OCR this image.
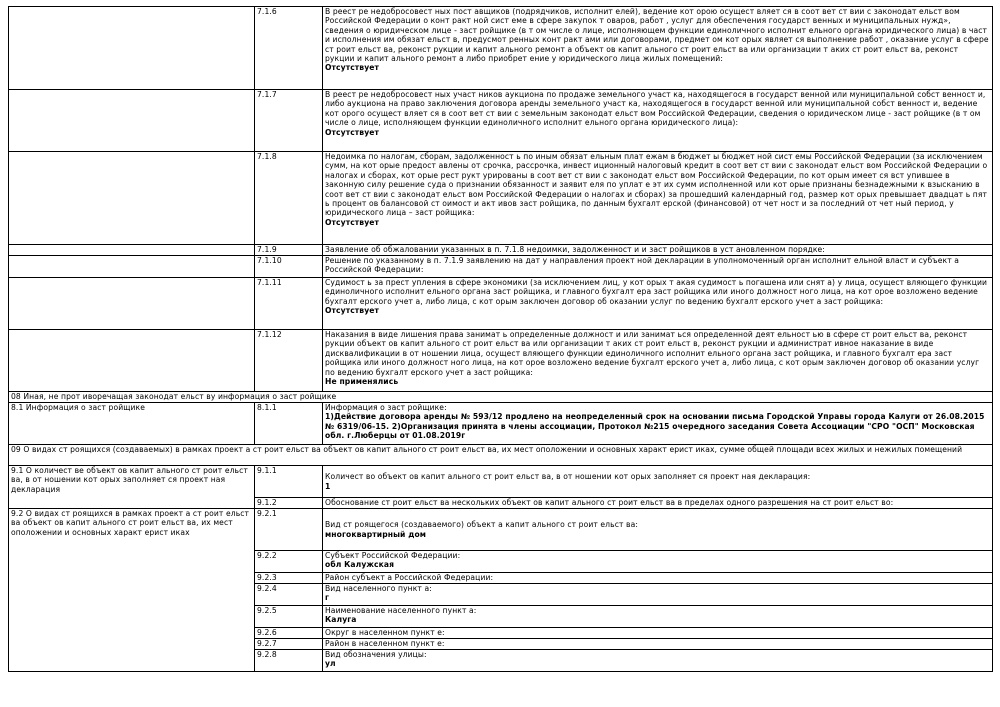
	7.1.6	В реест ре недобросовест ных пост авщиков (подрядчиков, исполнит елей), ведение кот орою осущест вляет ся в соот вет ст вии с законодат ельст вом Российской Федерации о конт ракт ной сист еме в сфере закупок т оваров, работ , услуг для обеспечения государст венных и муниципальных нужд», сведения о юридическом лице - заст ройщике (в т ом числе о лице, исполняющем функции единоличного исполнит ельного органа юридического лица) в част и исполнения им обязат ельст в, предусмот ренных конт ракт ами или договорами, предмет ом кот орых являет ся выполнение работ , оказание услуг в сфере ст роит ельст ва, реконст рукции и капит ального ремонт а объект ов капит ального ст роит ельст ва или организации т аких ст роит ельст ва, реконст рукции и капит ального ремонт а либо приобрет ение у юридического лица жилых помещений:
Отсутствует

	7.1.7	В реест ре недобросовест ных участ ников аукциона по продаже земельного участ ка, находящегося в государст венной или муниципальной собст венност и, либо аукциона на право заключения договора аренды земельного участ ка, находящегося в государст венной или муниципальной собст венност и, ведение кот орого осущест вляет ся в соот вет ст вии с земельным законодат ельст вом Российской Федерации, сведения о юридическом лице - заст ройщике (в т ом числе о лице, исполняющем функции единоличного исполнит ельного органа юридического лица):
Отсутствует

	7.1.8	Недоимка по налогам, сборам, задолженност ь по иным обязат ельным плат ежам в бюджет ы бюджет ной сист емы Российской Федерации (за исключением сумм, на кот орые предост авлены от срочка, рассрочка, инвест иционный налоговый кредит в соот вет ст вии с законодат ельст вом Российской Федерации о налогах и сборах, кот орые рест рукт урированы в соот вет ст вии с законодат ельст вом Российской Федерации, по кот орым имеет ся вст упившее в законную силу решение суда о признании обязанност и заявит еля по уплат е эт их сумм исполненной или кот орые признаны безнадежными к взысканию в соот вет ст вии с законодат ельст вом Российской Федерации о налогах и сборах) за прошедший календарный год, размер кот орых превышает двадцат ь пят ь процент ов балансовой ст оимост и акт ивов заст ройщика, по данным бухгалт ерской (финансовой) от чет ност и за последний от чет ный период, у юридического лица – заст ройщика:
Отсутствует

	7.1.9	Заявление об обжаловании указанных в п. 7.1.8 недоимки, задолженност и и заст ройщиков в уст ановленном порядке:

	7.1.10	Решение по указанному в п. 7.1.9 заявлению на дат у направления проект ной декларации в уполномоченный орган исполнит ельной власт и субъект а Российской Федерации:

	7.1.11	Судимост ь за прест упления в сфере экономики (за исключением лиц, у кот орых т акая судимост ь погашена или снят а) у лица, осущест вляющего функции единоличного исполнит ельного органа заст ройщика, и главного бухгалт ера заст ройщика или иного должност ного лица, на кот орое возложено ведение бухгалт ерского учет а, либо лица, с кот орым заключен договор об оказании услуг по ведению бухгалт ерского учет а заст ройщика:
Отсутствует

	7.1.12	Наказания в виде лишения права занимат ь определенные должност и или занимат ься определенной деят ельност ью в сфере ст роит ельст ва, реконст рукции объект ов капит ального ст роит ельст ва или организации т аких ст роит ельст в, реконст рукции и администрат ивное наказание в виде дисквалификации в от ношении лица, осущест вляющего функции единоличного исполнит ельного органа заст ройщика, и главного бухгалт ера заст ройщика или иного должност ного лица, на кот орое возложено ведение бухгалт ерского учет а, либо лица, с кот орым заключен договор об оказании услуг по ведению бухгалт ерского учет а заст ройщика:
Не применялись

08 Иная, не прот иворечащая законодат ельст ву информация о заст ройщике		
8.1 Информация о заст ройщике	8.1.1	Информация о заст ройщике:
1)Действие договора аренды № 593/12 продлено на неопределенный срок на основании письма Городской Управы города Калуги от 26.08.2015 № 6319/06-15. 2)Организация принята в члены ассоциации, Протокол №215 очередного заседания Совета Ассоциации "СРО "ОСП" Московская обл. г.Люберцы от 01.08.2019г

09 О видах ст роящихся (создаваемых) в рамках проект а ст роит ельст ва объект ов капит ального ст роит ельст ва, их мест оположении и основных характ ерист иках, сумме общей площади всех жилых и нежилых помещений		
9.1 О количест ве объект ов капит ального ст роит ельст ва, в от ношении кот орых заполняет ся проект ная декларация	9.1.1	Количест во объект ов капит ального ст роит ельст ва, в от ношении кот орых заполняет ся проект ная декларация:
1

	9.1.2	Обоснование ст роит ельст ва нескольких объект ов капит ального ст роит ельст ва в пределах одного разрешения на ст роит ельст во:

9.2 О видах ст роящихся в рамках проект а ст роит ельст ва объект ов капит ального ст роит ельст ва, их мест оположении и основных характ ерист иках	9.2.1	Вид ст роящегося (создаваемого) объект а капит ального ст роит ельст ва:
многоквартирный дом

	9.2.2	Субъект Российской Федерации:
обл Калужская

	9.2.3	Район субъект а Российской Федерации:

	9.2.4	Вид населенного пункт а:
г

	9.2.5	Наименование населенного пункт а:
Калуга

	9.2.6	Округ в населенном пункт е:

	9.2.7	Район в населенном пункт е:

	9.2.8	Вид обозначения улицы:
ул
